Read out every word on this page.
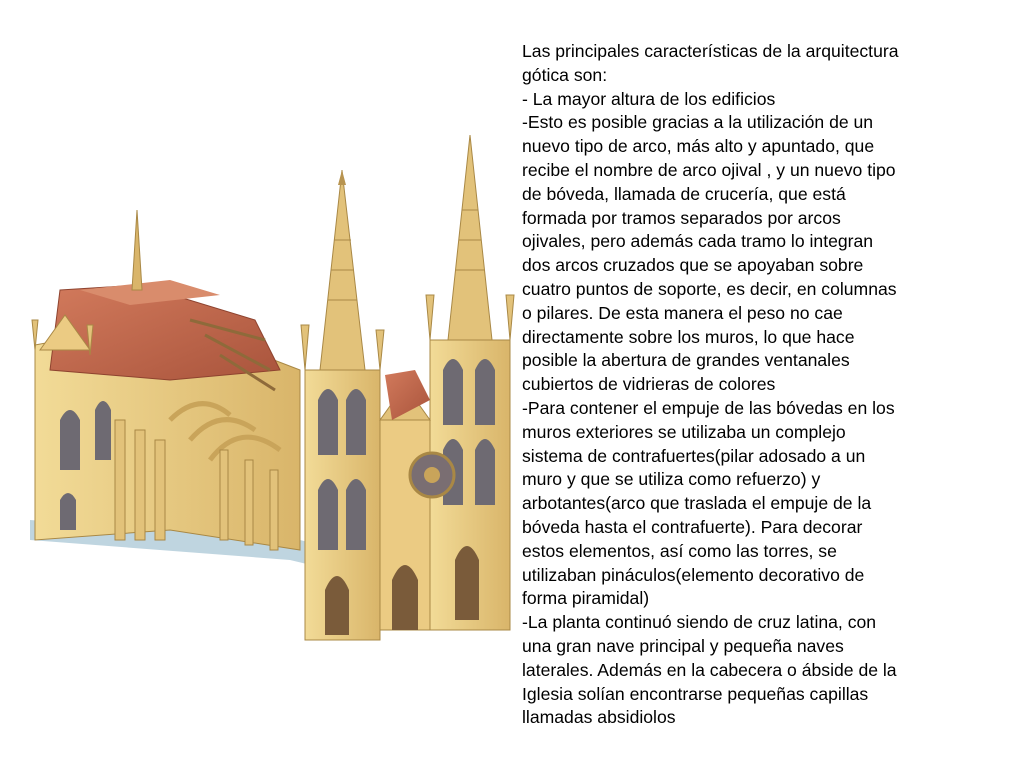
Las principales características de la arquitectura
gótica son:
- La mayor altura de los edificios
-Esto es posible gracias a la utilización de un
nuevo tipo de arco, más alto y apuntado, que
recibe el nombre de arco ojival , y un nuevo tipo
de bóveda, llamada de crucería, que está
formada por tramos separados por arcos
ojivales, pero además cada tramo lo integran
dos arcos cruzados que se apoyaban sobre
cuatro puntos de soporte, es decir, en columnas
o pilares. De esta manera el peso no cae
directamente sobre los muros, lo que hace
posible la abertura de grandes ventanales
cubiertos de vidrieras de colores
-Para contener el empuje de las bóvedas en los
muros exteriores se utilizaba un complejo
sistema de contrafuertes(pilar adosado a un
muro y que se utiliza como refuerzo) y
arbotantes(arco que traslada el empuje de la
bóveda hasta el contrafuerte). Para decorar
estos elementos, así como las torres, se
utilizaban pináculos(elemento decorativo de
forma piramidal)
-La planta continuó siendo de cruz latina, con
una gran nave principal y pequeña naves
laterales. Además en la cabecera o ábside de la
Iglesia solían encontrarse pequeñas capillas
llamadas absidiolos
